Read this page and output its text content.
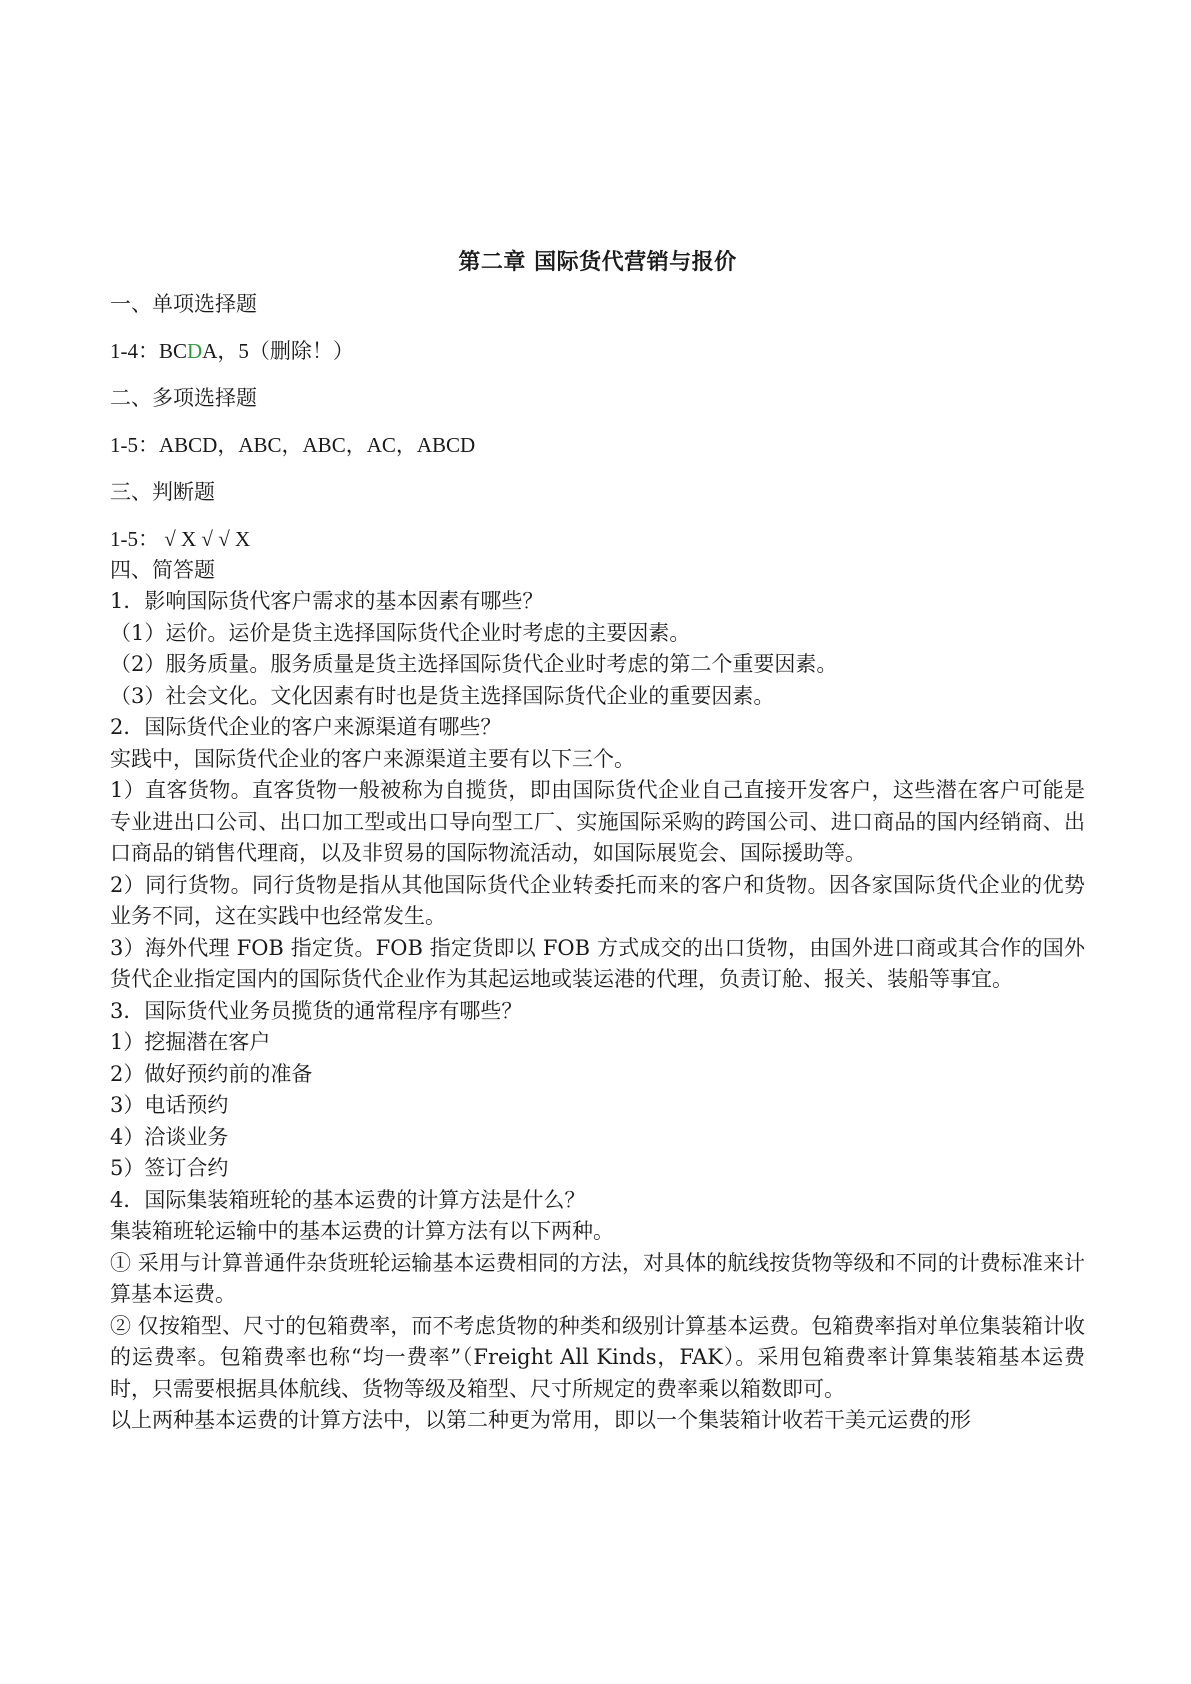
第二章 国际货代营销与报价
一、单项选择题
1-4：BCDA，5（删除！）
二、多项选择题
1-5：ABCD，ABC，ABC，AC，ABCD
三、判断题
1-5： √ X √ √ X
四、简答题

1．影响国际货代客户需求的基本因素有哪些？

（1）运价。运价是货主选择国际货代企业时考虑的主要因素。

（2）服务质量。服务质量是货主选择国际货代企业时考虑的第二个重要因素。

（3）社会文化。文化因素有时也是货主选择国际货代企业的重要因素。

2．国际货代企业的客户来源渠道有哪些？

实践中，国际货代企业的客户来源渠道主要有以下三个。

1）直客货物。直客货物一般被称为自揽货，即由国际货代企业自己直接开发客户，这些潜在客户可能是专业进出口公司、出口加工型或出口导向型工厂、实施国际采购的跨国公司、进口商品的国内经销商、出口商品的销售代理商，以及非贸易的国际物流活动，如国际展览会、国际援助等。

2）同行货物。同行货物是指从其他国际货代企业转委托而来的客户和货物。因各家国际货代企业的优势业务不同，这在实践中也经常发生。

3）海外代理 FOB 指定货。FOB 指定货即以 FOB 方式成交的出口货物，由国外进口商或其合作的国外货代企业指定国内的国际货代企业作为其起运地或装运港的代理，负责订舱、报关、装船等事宜。

3．国际货代业务员揽货的通常程序有哪些？

1）挖掘潜在客户

2）做好预约前的准备

3）电话预约

4）洽谈业务

5）签订合约

4．国际集装箱班轮的基本运费的计算方法是什么？

集装箱班轮运输中的基本运费的计算方法有以下两种。

① 采用与计算普通件杂货班轮运输基本运费相同的方法，对具体的航线按货物等级和不同的计费标准来计算基本运费。

② 仅按箱型、尺寸的包箱费率，而不考虑货物的种类和级别计算基本运费。包箱费率指对单位集装箱计收的运费率。包箱费率也称“均一费率”（Freight All Kinds，FAK）。采用包箱费率计算集装箱基本运费时，只需要根据具体航线、货物等级及箱型、尺寸所规定的费率乘以箱数即可。

以上两种基本运费的计算方法中，以第二种更为常用，即以一个集装箱计收若干美元运费的形
